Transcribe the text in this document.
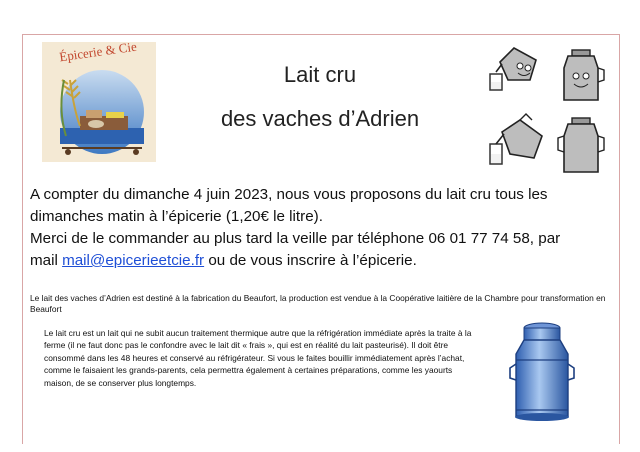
Épicerie & Cie
Lait cru
des vaches d’Adrien
A compter du dimanche 4 juin 2023, nous vous proposons du lait cru tous les
dimanches matin à l’épicerie (1,20€ le litre).
Merci de le commander au plus tard la veille par téléphone 06 01 77 74 58, par
mail mail@epicerieetcie.fr ou de vous inscrire à l’épicerie.
Le lait des vaches d’Adrien est destiné à la fabrication du Beaufort, la production est vendue à la Coopérative laitière de la Chambre pour transformation en Beaufort
Le lait cru est un lait qui ne subit aucun traitement thermique autre que la réfrigération immédiate après la traite à la ferme (il ne faut donc pas le confondre avec le lait dit « frais », qui est en réalité du lait pasteurisé). Il doit être consommé dans les 48 heures et conservé au réfrigérateur. Si vous le faites bouillir immédiatement après l’achat, comme le faisaient les grands-parents, cela permettra également à certaines préparations, comme les yaourts maison, de se conserver plus longtemps.
